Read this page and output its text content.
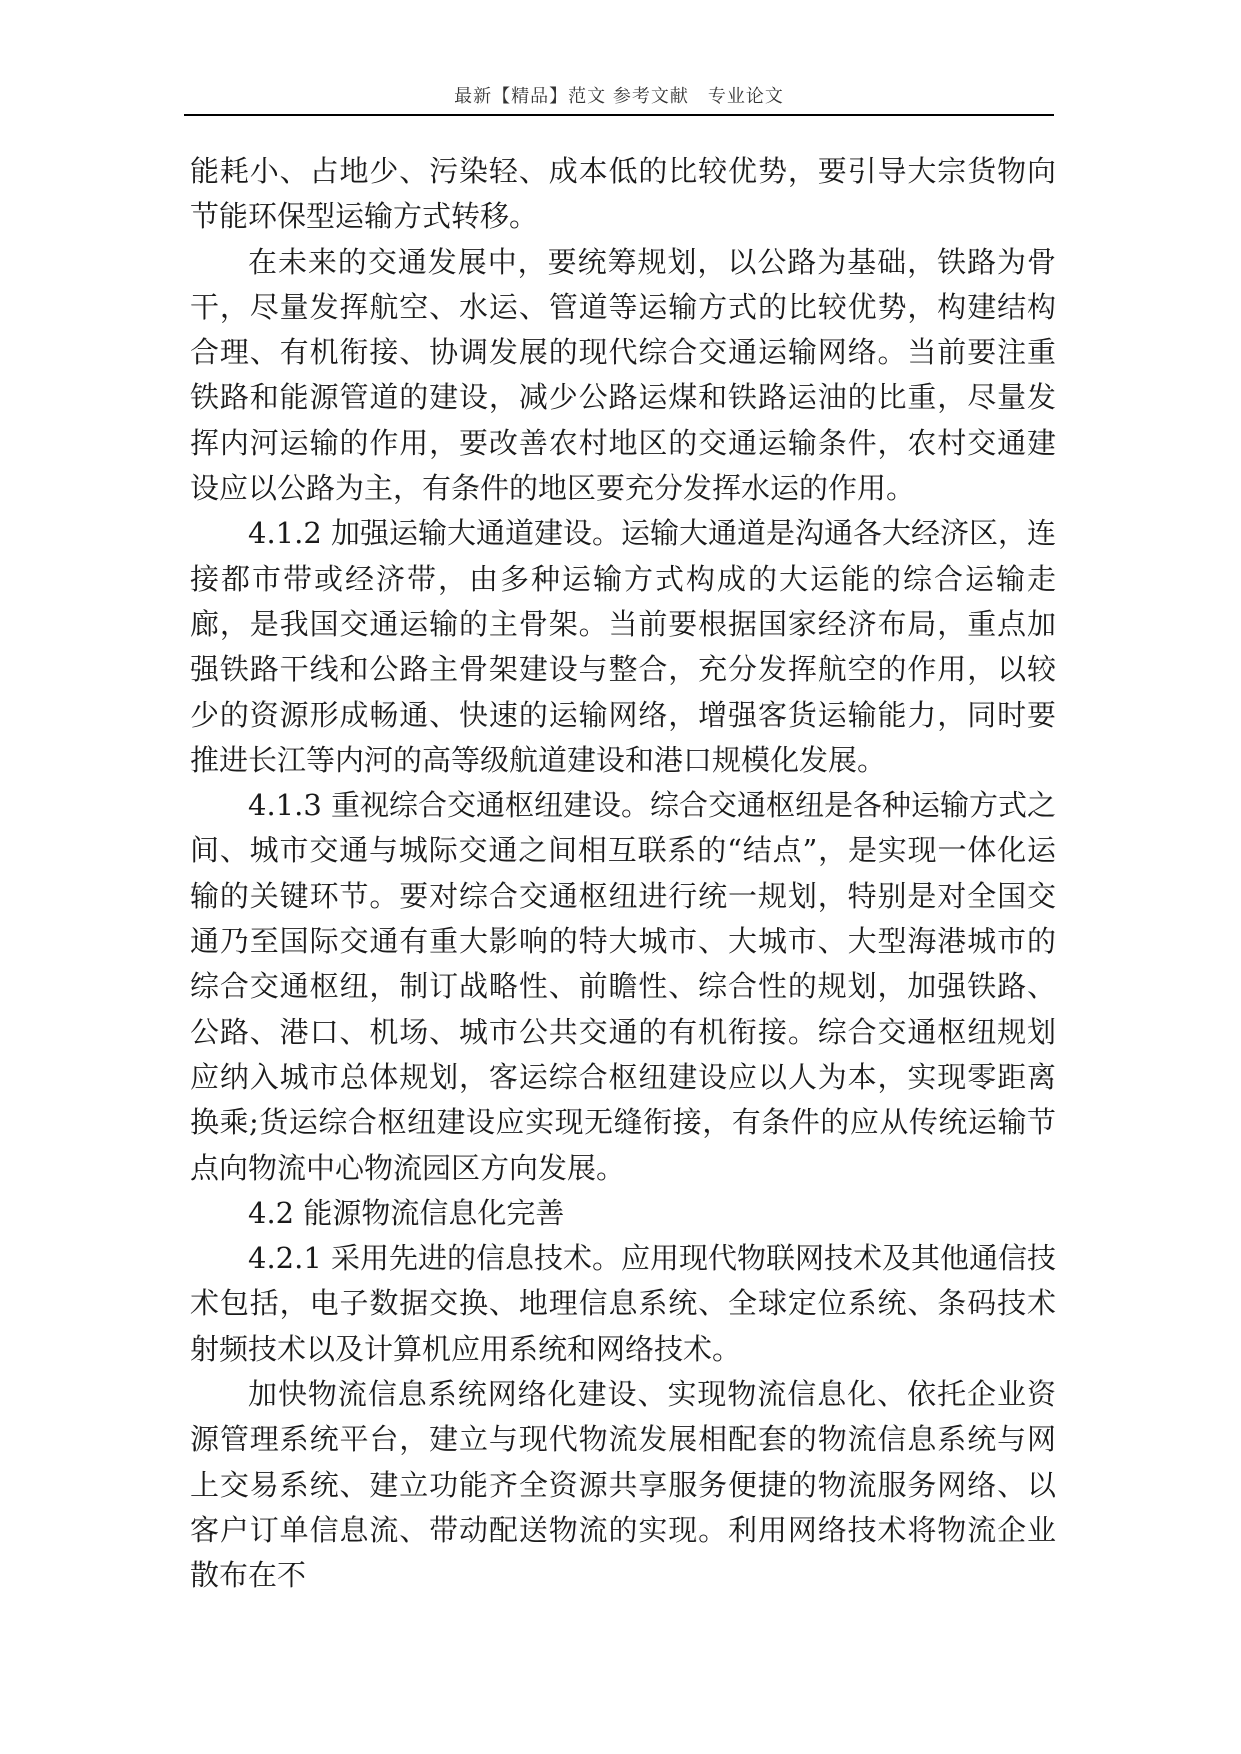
最新【精品】范文 参考文献　专业论文

能耗小、占地少、污染轻、成本低的比较优势，要引导大宗货物向节能环保型运输方式转移。

在未来的交通发展中，要统筹规划，以公路为基础，铁路为骨干，尽量发挥航空、水运、管道等运输方式的比较优势，构建结构合理、有机衔接、协调发展的现代综合交通运输网络。当前要注重铁路和能源管道的建设，减少公路运煤和铁路运油的比重，尽量发挥内河运输的作用，要改善农村地区的交通运输条件，农村交通建设应以公路为主，有条件的地区要充分发挥水运的作用。

4.1.2 加强运输大通道建设。运输大通道是沟通各大经济区，连接都市带或经济带，由多种运输方式构成的大运能的综合运输走廊，是我国交通运输的主骨架。当前要根据国家经济布局，重点加强铁路干线和公路主骨架建设与整合，充分发挥航空的作用，以较少的资源形成畅通、快速的运输网络，增强客货运输能力，同时要推进长江等内河的高等级航道建设和港口规模化发展。

4.1.3 重视综合交通枢纽建设。综合交通枢纽是各种运输方式之间、城市交通与城际交通之间相互联系的“结点”，是实现一体化运输的关键环节。要对综合交通枢纽进行统一规划，特别是对全国交通乃至国际交通有重大影响的特大城市、大城市、大型海港城市的综合交通枢纽，制订战略性、前瞻性、综合性的规划，加强铁路、公路、港口、机场、城市公共交通的有机衔接。综合交通枢纽规划应纳入城市总体规划，客运综合枢纽建设应以人为本，实现零距离换乘;货运综合枢纽建设应实现无缝衔接，有条件的应从传统运输节点向物流中心物流园区方向发展。

4.2 能源物流信息化完善

4.2.1 采用先进的信息技术。应用现代物联网技术及其他通信技术包括，电子数据交换、地理信息系统、全球定位系统、条码技术射频技术以及计算机应用系统和网络技术。

加快物流信息系统网络化建设、实现物流信息化、依托企业资源管理系统平台，建立与现代物流发展相配套的物流信息系统与网上交易系统、建立功能齐全资源共享服务便捷的物流服务网络、以客户订单信息流、带动配送物流的实现。利用网络技术将物流企业散布在不
